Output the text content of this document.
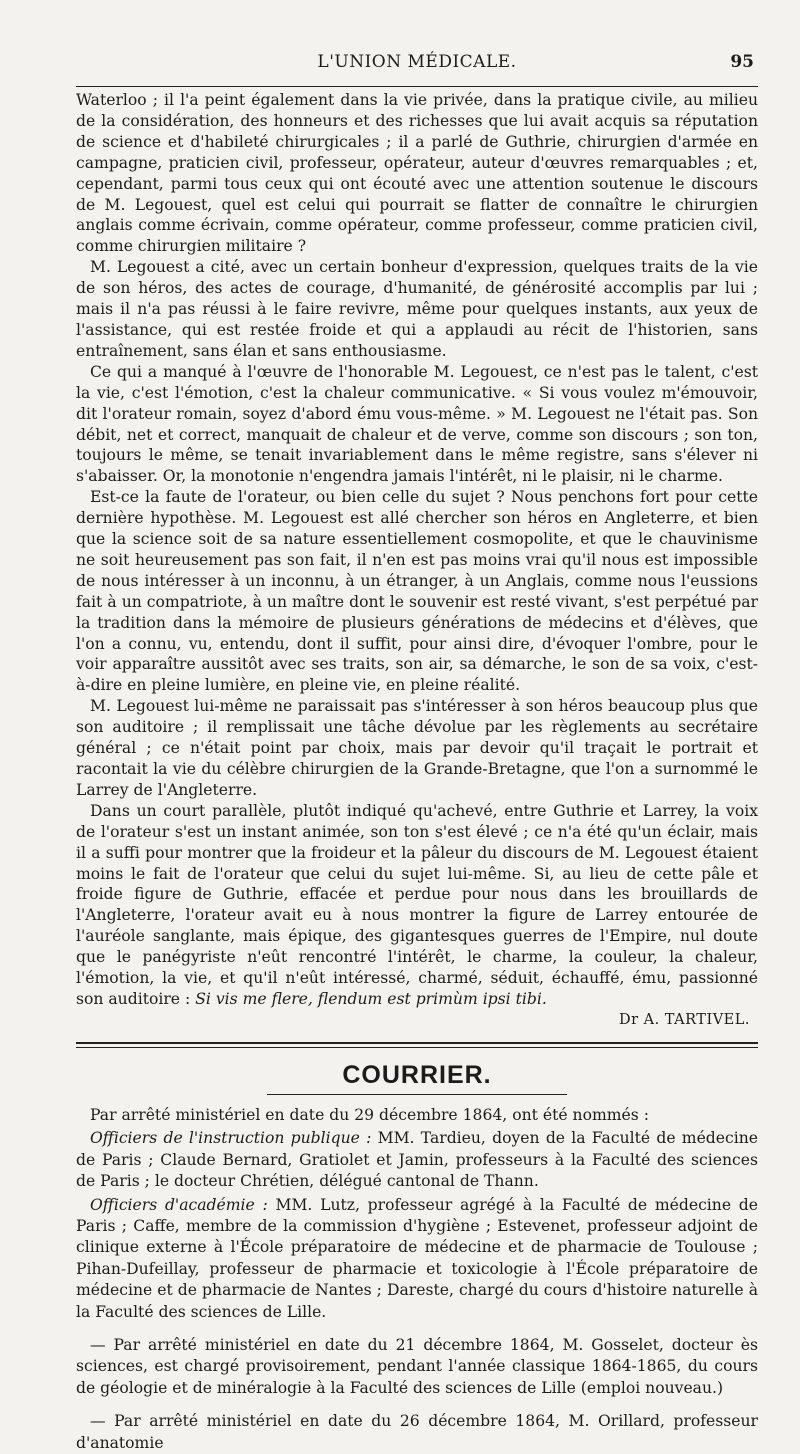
L'UNION MÉDICALE.	95

Waterloo ; il l'a peint également dans la vie privée, dans la pratique civile, au milieu de la considération, des honneurs et des richesses que lui avait acquis sa réputation de science et d'habileté chirurgicales ; il a parlé de Guthrie, chirurgien d'armée en campagne, praticien civil, professeur, opérateur, auteur d'œuvres remarquables ; et, cependant, parmi tous ceux qui ont écouté avec une attention soutenue le discours de M. Legouest, quel est celui qui pourrait se flatter de connaître le chirurgien anglais comme écrivain, comme opérateur, comme professeur, comme praticien civil, comme chirurgien militaire ?

M. Legouest a cité, avec un certain bonheur d'expression, quelques traits de la vie de son héros, des actes de courage, d'humanité, de générosité accomplis par lui ; mais il n'a pas réussi à le faire revivre, même pour quelques instants, aux yeux de l'assistance, qui est restée froide et qui a applaudi au récit de l'historien, sans entraînement, sans élan et sans enthousiasme.

Ce qui a manqué à l'œuvre de l'honorable M. Legouest, ce n'est pas le talent, c'est la vie, c'est l'émotion, c'est la chaleur communicative. « Si vous voulez m'émouvoir, dit l'orateur romain, soyez d'abord ému vous-même. » M. Legouest ne l'était pas. Son débit, net et correct, manquait de chaleur et de verve, comme son discours ; son ton, toujours le même, se tenait invariablement dans le même registre, sans s'élever ni s'abaisser. Or, la monotonie n'engendra jamais l'intérêt, ni le plaisir, ni le charme.

Est-ce la faute de l'orateur, ou bien celle du sujet ? Nous penchons fort pour cette dernière hypothèse. M. Legouest est allé chercher son héros en Angleterre, et bien que la science soit de sa nature essentiellement cosmopolite, et que le chauvinisme ne soit heureusement pas son fait, il n'en est pas moins vrai qu'il nous est impossible de nous intéresser à un inconnu, à un étranger, à un Anglais, comme nous l'eussions fait à un compatriote, à un maître dont le souvenir est resté vivant, s'est perpétué par la tradition dans la mémoire de plusieurs générations de médecins et d'élèves, que l'on a connu, vu, entendu, dont il suffit, pour ainsi dire, d'évoquer l'ombre, pour le voir apparaître aussitôt avec ses traits, son air, sa démarche, le son de sa voix, c'est-à-dire en pleine lumière, en pleine vie, en pleine réalité.

M. Legouest lui-même ne paraissait pas s'intéresser à son héros beaucoup plus que son auditoire ; il remplissait une tâche dévolue par les règlements au secrétaire général ; ce n'était point par choix, mais par devoir qu'il traçait le portrait et racontait la vie du célèbre chirurgien de la Grande-Bretagne, que l'on a surnommé le Larrey de l'Angleterre.

Dans un court parallèle, plutôt indiqué qu'achevé, entre Guthrie et Larrey, la voix de l'orateur s'est un instant animée, son ton s'est élevé ; ce n'a été qu'un éclair, mais il a suffi pour montrer que la froideur et la pâleur du discours de M. Legouest étaient moins le fait de l'orateur que celui du sujet lui-même. Si, au lieu de cette pâle et froide figure de Guthrie, effacée et perdue pour nous dans les brouillards de l'Angleterre, l'orateur avait eu à nous montrer la figure de Larrey entourée de l'auréole sanglante, mais épique, des gigantesques guerres de l'Empire, nul doute que le panégyriste n'eût rencontré l'intérêt, le charme, la couleur, la chaleur, l'émotion, la vie, et qu'il n'eût intéressé, charmé, séduit, échauffé, ému, passionné son auditoire : Si vis me flere, flendum est primùm ipsi tibi.

Dr A. TARTIVEL.
COURRIER.

Par arrêté ministériel en date du 29 décembre 1864, ont été nommés :

Officiers de l'instruction publique : MM. Tardieu, doyen de la Faculté de médecine de Paris ; Claude Bernard, Gratiolet et Jamin, professeurs à la Faculté des sciences de Paris ; le docteur Chrétien, délégué cantonal de Thann.

Officiers d'académie : MM. Lutz, professeur agrégé à la Faculté de médecine de Paris ; Caffe, membre de la commission d'hygiène ; Estevenet, professeur adjoint de clinique externe à l'École préparatoire de médecine et de pharmacie de Toulouse ; Pihan-Dufeillay, professeur de pharmacie et toxicologie à l'École préparatoire de médecine et de pharmacie de Nantes ; Dareste, chargé du cours d'histoire naturelle à la Faculté des sciences de Lille.

— Par arrêté ministériel en date du 21 décembre 1864, M. Gosselet, docteur ès sciences, est chargé provisoirement, pendant l'année classique 1864-1865, du cours de géologie et de minéralogie à la Faculté des sciences de Lille (emploi nouveau.)

— Par arrêté ministériel en date du 26 décembre 1864, M. Orillard, professeur d'anatomie
